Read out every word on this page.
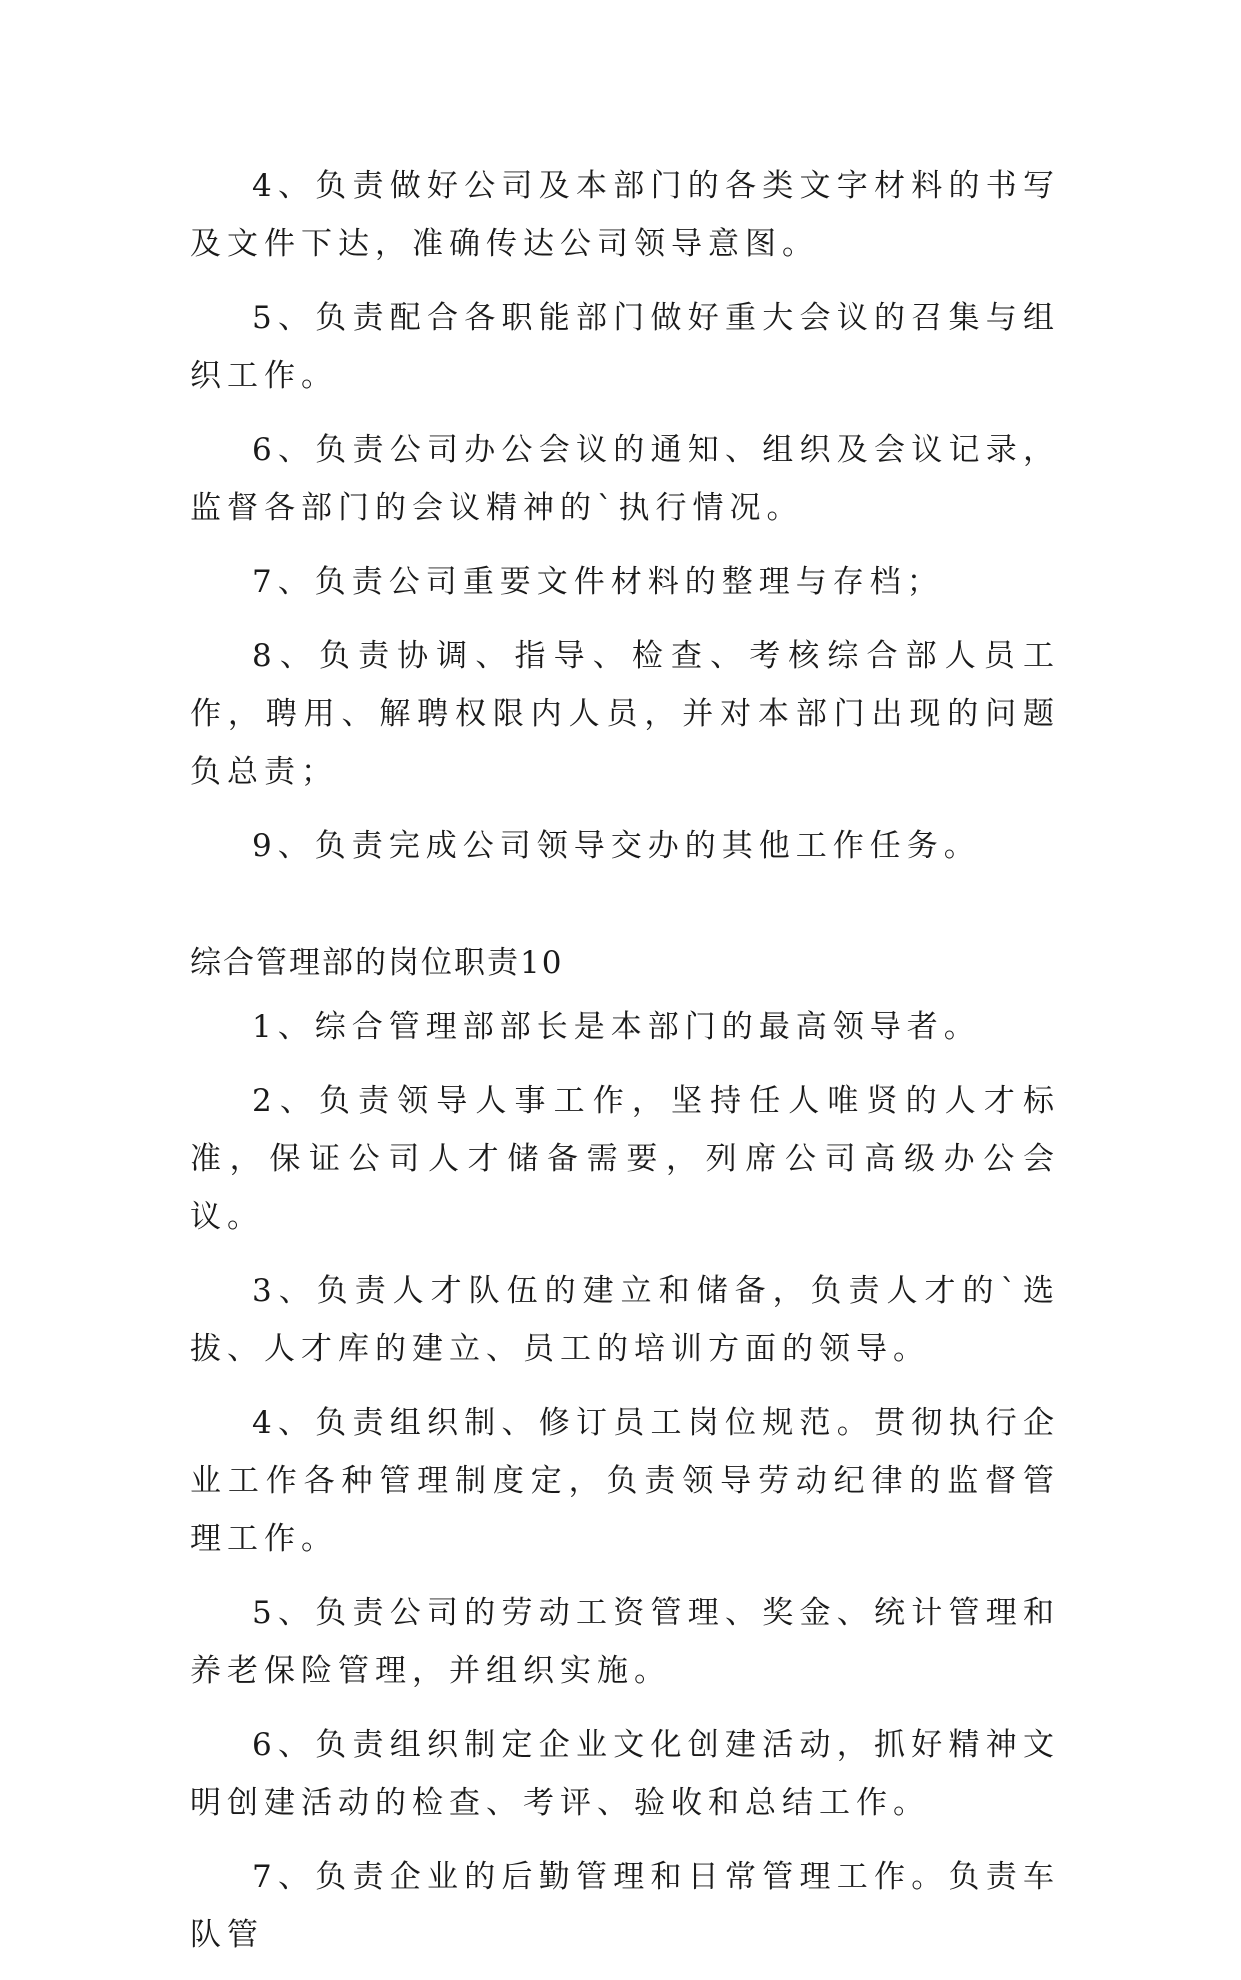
4、负责做好公司及本部门的各类文字材料的书写及文件下达，准确传达公司领导意图。

5、负责配合各职能部门做好重大会议的召集与组织工作。

6、负责公司办公会议的通知、组织及会议记录，监督各部门的会议精神的`执行情况。

7、负责公司重要文件材料的整理与存档；

8、负责协调、指导、检查、考核综合部人员工作，聘用、解聘权限内人员，并对本部门出现的问题负总责；

9、负责完成公司领导交办的其他工作任务。

综合管理部的岗位职责10

1、综合管理部部长是本部门的最高领导者。

2、负责领导人事工作，坚持任人唯贤的人才标准，保证公司人才储备需要，列席公司高级办公会议。

3、负责人才队伍的建立和储备，负责人才的`选拔、人才库的建立、员工的培训方面的领导。

4、负责组织制、修订员工岗位规范。贯彻执行企业工作各种管理制度定，负责领导劳动纪律的监督管理工作。

5、负责公司的劳动工资管理、奖金、统计管理和养老保险管理，并组织实施。

6、负责组织制定企业文化创建活动，抓好精神文明创建活动的检查、考评、验收和总结工作。

7、负责企业的后勤管理和日常管理工作。负责车队管
